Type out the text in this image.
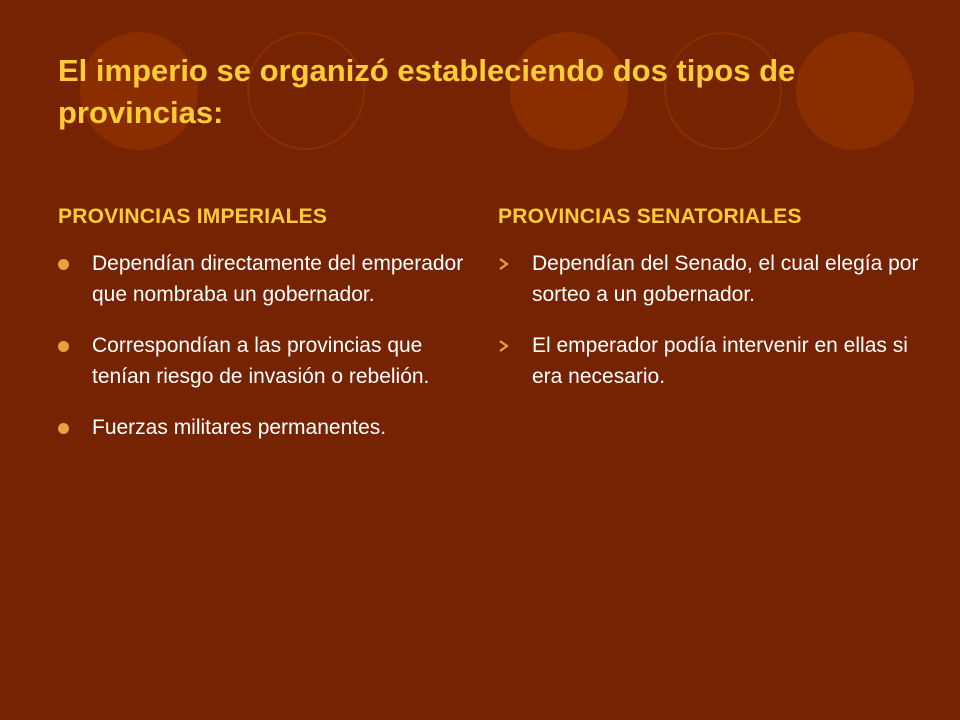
El imperio se organizó estableciendo dos tipos de provincias:
PROVINCIAS IMPERIALES
Dependían directamente del emperador que nombraba un gobernador.
Correspondían a las provincias que tenían riesgo de invasión o rebelión.
Fuerzas militares permanentes.
PROVINCIAS SENATORIALES
Dependían del Senado, el cual elegía por sorteo a un gobernador.
El emperador podía intervenir en ellas si era necesario.
